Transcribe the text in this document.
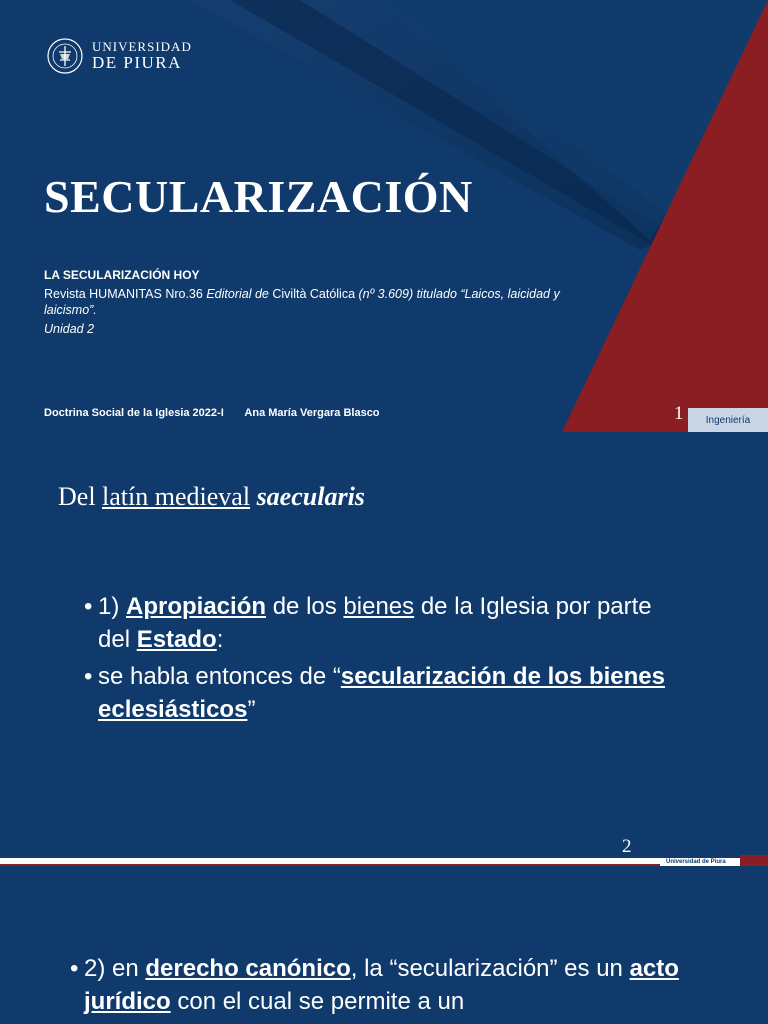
UNIVERSIDAD
DE PIURA
SECULARIZACIÓN
LA SECULARIZACIÓN HOY
Revista HUMANITAS Nro.36 Editorial de Civiltà Católica (nº 3.609) titulado “Laicos, laicidad y laicismo”.
Unidad 2
Doctrina Social de la Iglesia 2022-I Ana María Vergara Blasco	1	Ingeniería
Del latín medieval saecularis
• 1) Apropiación de los bienes de la Iglesia por parte del Estado:
• se habla entonces de “secularización de los bienes eclesiásticos”
2
Universidad de Piura
• 2) en derecho canónico, la “secularización” es un acto jurídico con el cual se permite a un
